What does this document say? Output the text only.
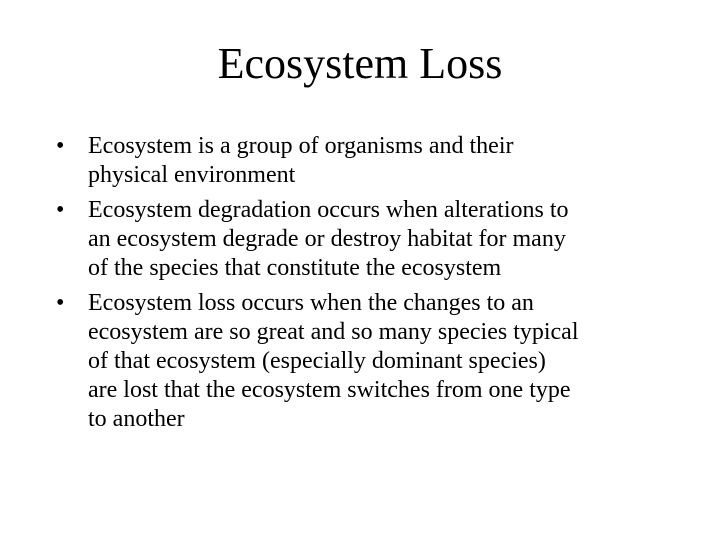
Ecosystem Loss
• Ecosystem is a group of organisms and their
physical environment
• Ecosystem degradation occurs when alterations to
an ecosystem degrade or destroy habitat for many
of the species that constitute the ecosystem
• Ecosystem loss occurs when the changes to an
ecosystem are so great and so many species typical
of that ecosystem (especially dominant species)
are lost that the ecosystem switches from one type
to another
